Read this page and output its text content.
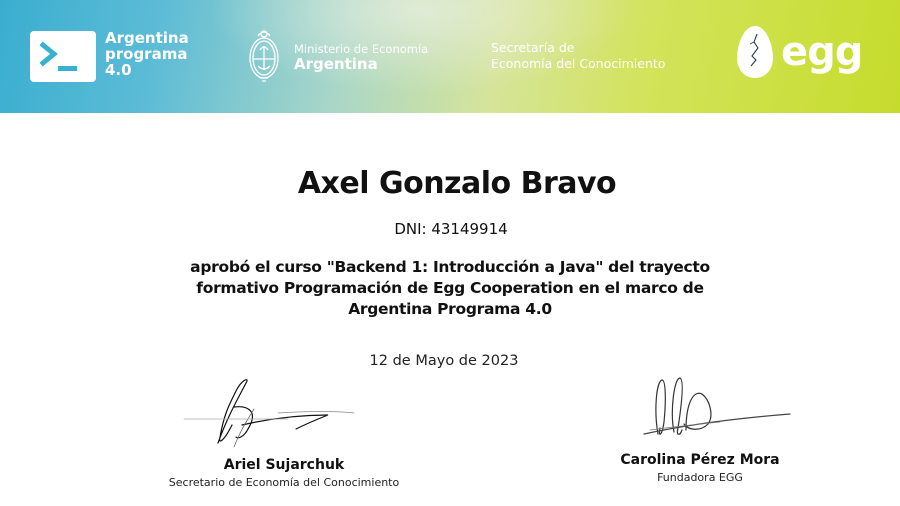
Argentina
programa
4.0
Ministerio de Economía
Argentina
Secretaría de
Economía del Conocimiento	egg
Axel Gonzalo Bravo
DNI: 43149914
aprobó el curso "Backend 1: Introducción a Java" del trayecto
formativo Programación de Egg Cooperation en el marco de
Argentina Programa 4.0
12 de Mayo de 2023
Ariel Sujarchuk
Secretario de Economía del Conocimiento
Carolina Pérez Mora
Fundadora EGG
